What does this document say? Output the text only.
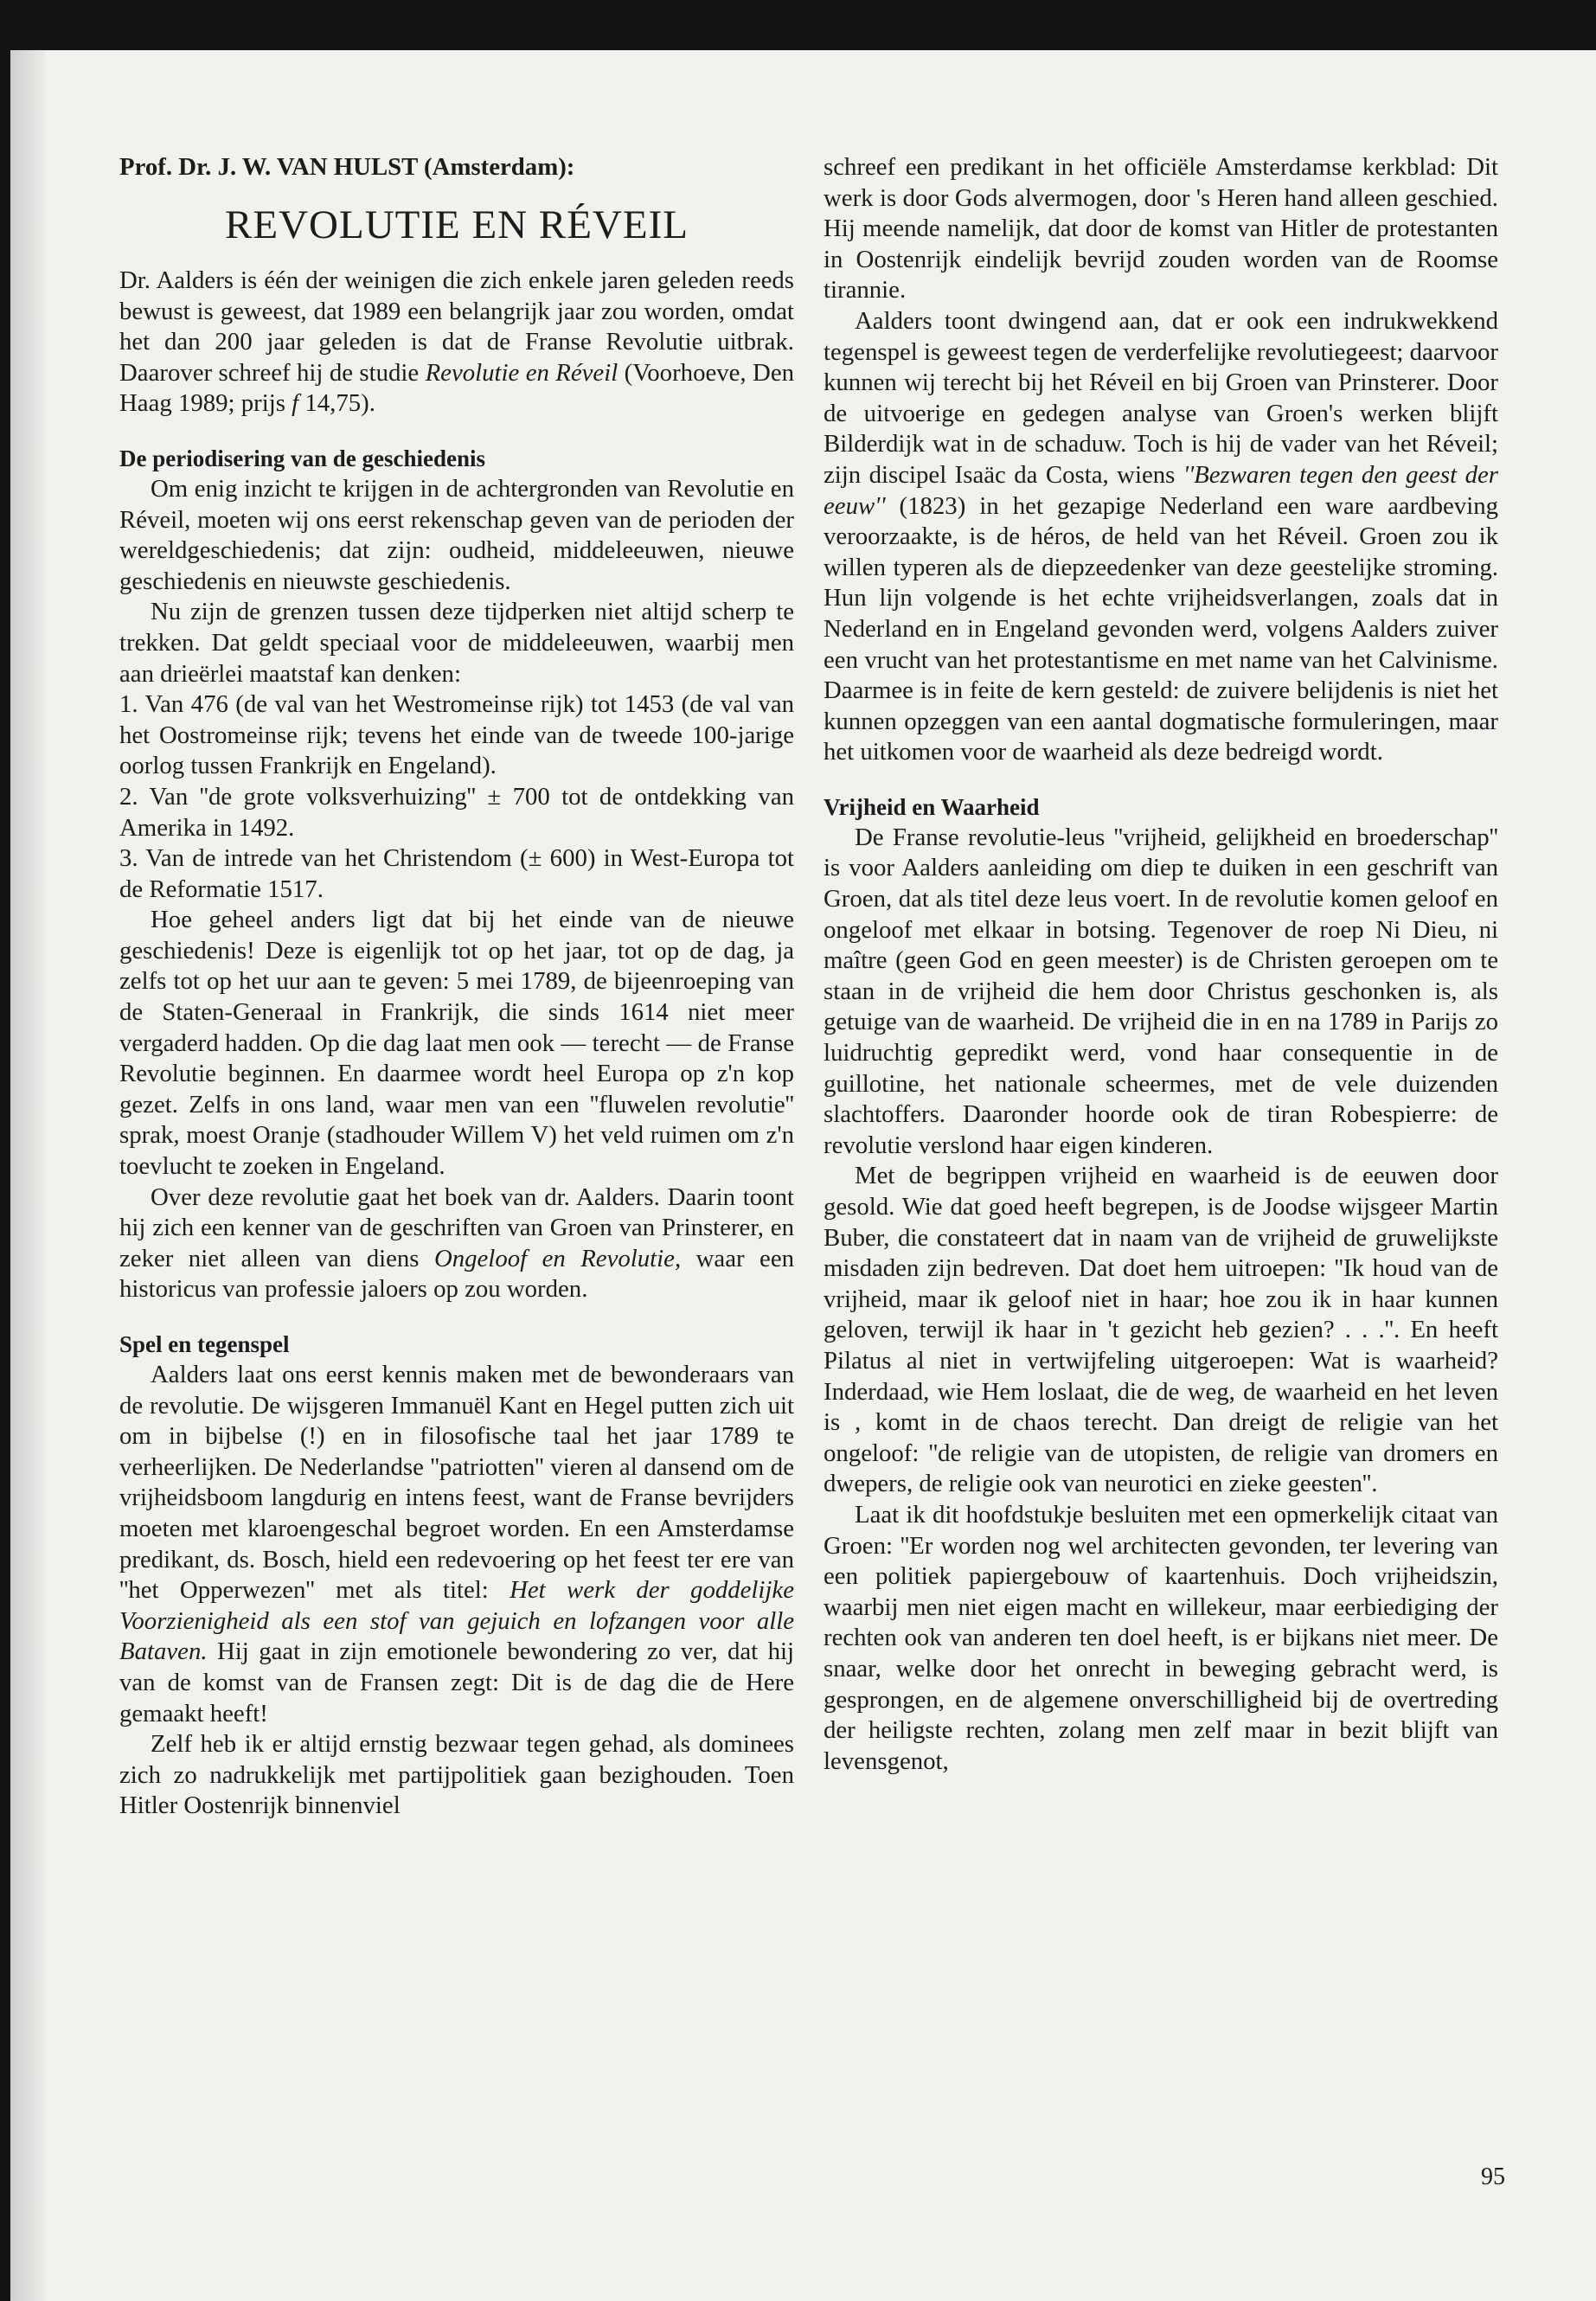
Prof. Dr. J. W. VAN HULST (Amsterdam):
REVOLUTIE EN RÉVEIL

Dr. Aalders is één der weinigen die zich enkele jaren geleden reeds bewust is geweest, dat 1989 een belangrijk jaar zou worden, omdat het dan 200 jaar geleden is dat de Franse Revolutie uitbrak. Daarover schreef hij de studie Revolutie en Réveil (Voorhoeve, Den Haag 1989; prijs f 14,75).

De periodisering van de geschiedenis

Om enig inzicht te krijgen in de achtergronden van Revolutie en Réveil, moeten wij ons eerst rekenschap geven van de perioden der wereldgeschiedenis; dat zijn: oudheid, middeleeuwen, nieuwe geschiedenis en nieuwste geschiedenis.

Nu zijn de grenzen tussen deze tijdperken niet altijd scherp te trekken. Dat geldt speciaal voor de middeleeuwen, waarbij men aan drieërlei maatstaf kan denken:

1. Van 476 (de val van het Westromeinse rijk) tot 1453 (de val van het Oostromeinse rijk; tevens het einde van de tweede 100-jarige oorlog tussen Frankrijk en Engeland).

2. Van ''de grote volksverhuizing'' ± 700 tot de ontdekking van Amerika in 1492.

3. Van de intrede van het Christendom (± 600) in West-Europa tot de Reformatie 1517.

Hoe geheel anders ligt dat bij het einde van de nieuwe geschiedenis! Deze is eigenlijk tot op het jaar, tot op de dag, ja zelfs tot op het uur aan te geven: 5 mei 1789, de bijeenroeping van de Staten-Generaal in Frankrijk, die sinds 1614 niet meer vergaderd hadden. Op die dag laat men ook — terecht — de Franse Revolutie beginnen. En daarmee wordt heel Europa op z'n kop gezet. Zelfs in ons land, waar men van een ''fluwelen revolutie'' sprak, moest Oranje (stadhouder Willem V) het veld ruimen om z'n toevlucht te zoeken in Engeland.

Over deze revolutie gaat het boek van dr. Aalders. Daarin toont hij zich een kenner van de geschriften van Groen van Prinsterer, en zeker niet alleen van diens Ongeloof en Revolutie, waar een historicus van professie jaloers op zou worden.

Spel en tegenspel

Aalders laat ons eerst kennis maken met de bewonderaars van de revolutie. De wijsgeren Immanuël Kant en Hegel putten zich uit om in bijbelse (!) en in filosofische taal het jaar 1789 te verheerlijken. De Nederlandse ''patriotten'' vieren al dansend om de vrijheidsboom langdurig en intens feest, want de Franse bevrijders moeten met klaroengeschal begroet worden. En een Amsterdamse predikant, ds. Bosch, hield een redevoering op het feest ter ere van ''het Opperwezen'' met als titel: Het werk der goddelijke Voorzienigheid als een stof van gejuich en lofzangen voor alle Bataven. Hij gaat in zijn emotionele bewondering zo ver, dat hij van de komst van de Fransen zegt: Dit is de dag die de Here gemaakt heeft!

Zelf heb ik er altijd ernstig bezwaar tegen gehad, als dominees zich zo nadrukkelijk met partijpolitiek gaan bezighouden. Toen Hitler Oostenrijk binnenviel

schreef een predikant in het officiële Amsterdamse kerkblad: Dit werk is door Gods alvermogen, door 's Heren hand alleen geschied. Hij meende namelijk, dat door de komst van Hitler de protestanten in Oostenrijk eindelijk bevrijd zouden worden van de Roomse tirannie.

Aalders toont dwingend aan, dat er ook een indrukwekkend tegenspel is geweest tegen de verderfelijke revolutiegeest; daarvoor kunnen wij terecht bij het Réveil en bij Groen van Prinsterer. Door de uitvoerige en gedegen analyse van Groen's werken blijft Bilderdijk wat in de schaduw. Toch is hij de vader van het Réveil; zijn discipel Isaäc da Costa, wiens ''Bezwaren tegen den geest der eeuw'' (1823) in het gezapige Nederland een ware aardbeving veroorzaakte, is de héros, de held van het Réveil. Groen zou ik willen typeren als de diepzeedenker van deze geestelijke stroming. Hun lijn volgende is het echte vrijheidsverlangen, zoals dat in Nederland en in Engeland gevonden werd, volgens Aalders zuiver een vrucht van het protestantisme en met name van het Calvinisme. Daarmee is in feite de kern gesteld: de zuivere belijdenis is niet het kunnen opzeggen van een aantal dogmatische formuleringen, maar het uitkomen voor de waarheid als deze bedreigd wordt.

Vrijheid en Waarheid

De Franse revolutie-leus ''vrijheid, gelijkheid en broederschap'' is voor Aalders aanleiding om diep te duiken in een geschrift van Groen, dat als titel deze leus voert. In de revolutie komen geloof en ongeloof met elkaar in botsing. Tegenover de roep Ni Dieu, ni maître (geen God en geen meester) is de Christen geroepen om te staan in de vrijheid die hem door Christus geschonken is, als getuige van de waarheid. De vrijheid die in en na 1789 in Parijs zo luidruchtig gepredikt werd, vond haar consequentie in de guillotine, het nationale scheermes, met de vele duizenden slachtoffers. Daaronder hoorde ook de tiran Robespierre: de revolutie verslond haar eigen kinderen.

Met de begrippen vrijheid en waarheid is de eeuwen door gesold. Wie dat goed heeft begrepen, is de Joodse wijsgeer Martin Buber, die constateert dat in naam van de vrijheid de gruwelijkste misdaden zijn bedreven. Dat doet hem uitroepen: ''Ik houd van de vrijheid, maar ik geloof niet in haar; hoe zou ik in haar kunnen geloven, terwijl ik haar in 't gezicht heb gezien? . . .''. En heeft Pilatus al niet in vertwijfeling uitgeroepen: Wat is waarheid? Inderdaad, wie Hem loslaat, die de weg, de waarheid en het leven is , komt in de chaos terecht. Dan dreigt de religie van het ongeloof: ''de religie van de utopisten, de religie van dromers en dwepers, de religie ook van neurotici en zieke geesten''.

Laat ik dit hoofdstukje besluiten met een opmerkelijk citaat van Groen: ''Er worden nog wel architecten gevonden, ter levering van een politiek papiergebouw of kaartenhuis. Doch vrijheidszin, waarbij men niet eigen macht en willekeur, maar eerbiediging der rechten ook van anderen ten doel heeft, is er bijkans niet meer. De snaar, welke door het onrecht in beweging gebracht werd, is gesprongen, en de algemene onverschilligheid bij de overtreding der heiligste rechten, zolang men zelf maar in bezit blijft van levensgenot,

95
